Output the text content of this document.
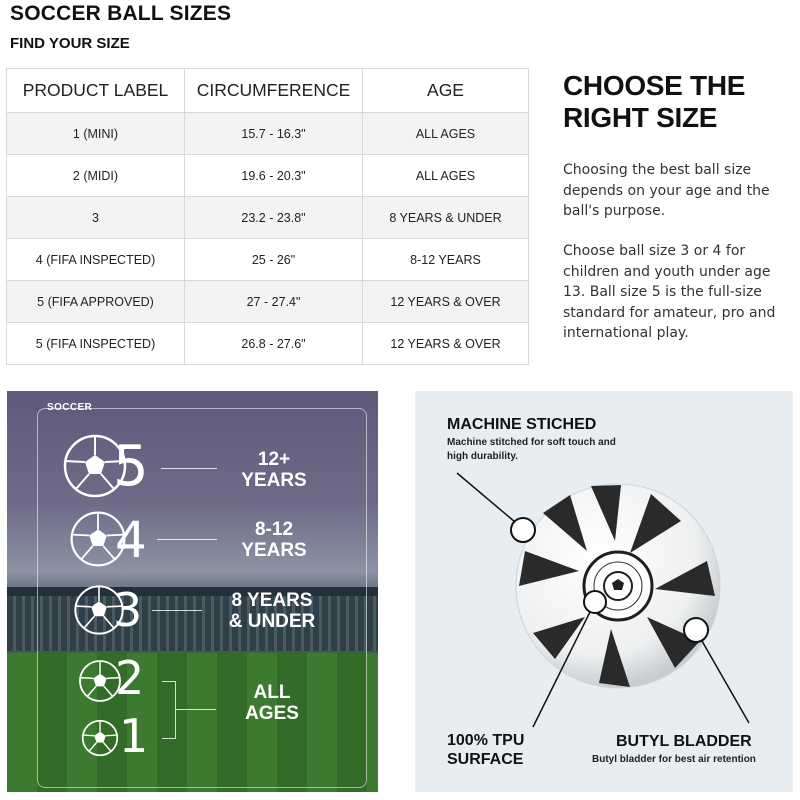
SOCCER BALL SIZES
FIND YOUR SIZE
PRODUCT LABEL	CIRCUMFERENCE	AGE
1 (MINI)	15.7 - 16.3"	ALL AGES
2 (MIDI)	19.6 - 20.3"	ALL AGES
3	23.2 - 23.8"	8 YEARS & UNDER
4 (FIFA INSPECTED)	25 - 26"	8-12 YEARS
5 (FIFA APPROVED)	27 - 27.4"	12 YEARS & OVER
5 (FIFA INSPECTED)	26.8 - 27.6"	12 YEARS & OVER
CHOOSE THE RIGHT SIZE
Choosing the best ball size depends on your age and the ball's purpose.
Choose ball size 3 or 4 for children and youth under age 13. Ball size 5 is the full-size standard for amateur, pro and international play.
SOCCER
5	12+
YEARS
4	8-12
YEARS
3	8 YEARS
& UNDER
2
1
ALL
AGES
MACHINE STICHED
Machine stitched for soft touch and
high durability.
100% TPU
SURFACE
BUTYL BLADDER
Butyl bladder for best air retention
